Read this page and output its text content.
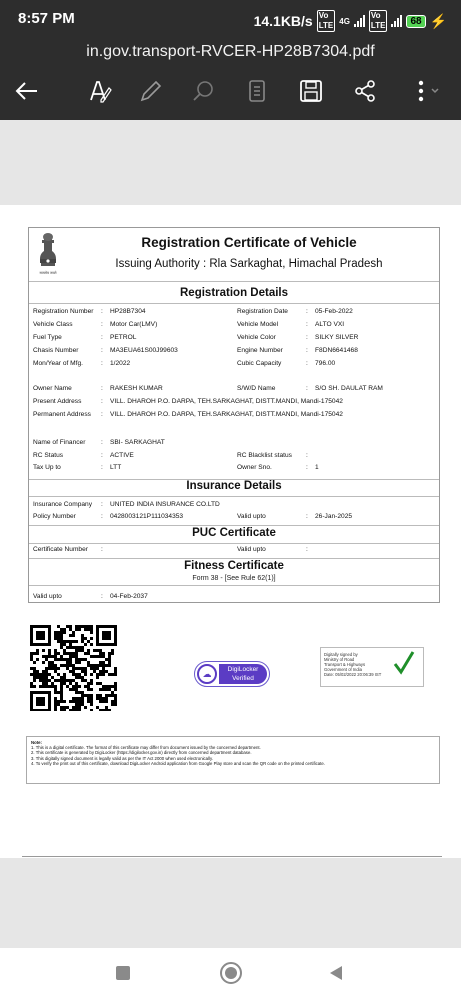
8:57 PM	14.1KB/s Vo
LTE 4G
Vo
LTE	68 ⚡
in.gov.transport-RVCER-HP28B7304.pdf
सत्यमेव जयते
Registration Certificate of Vehicle
Issuing Authority : Rla Sarkaghat, Himachal Pradesh
Registration Details
Registration Number : HP28B7304	Registration Date	: 05-Feb-2022
Vehicle Class	: Motor Car(LMV)	Vehicle Model	: ALTO VXI
Fuel Type	: PETROL	Vehicle Color	: SILKY SILVER
Chasis Number	: MA3EUA61S00J99603	Engine Number	: F8DN6641468
Mon/Year of Mfg.	: 1/2022	Cubic Capacity	: 796.00
Owner Name	: RAKESH KUMAR	S/W/D Name	: S/O SH. DAULAT RAM
Present Address	: VILL. DHAROH P.O. DARPA, TEH.SARKAGHAT, DISTT.MANDI, Mandi-175042
Permanent Address : VILL. DHAROH P.O. DARPA, TEH.SARKAGHAT, DISTT.MANDI, Mandi-175042
Name of Financer : SBI- SARKAGHAT
RC Status	: ACTIVE	RC Blacklist status :
Tax Up to	: LTT	Owner Sno.	: 1
Insurance Details
Insurance Company : UNITED INDIA INSURANCE CO.LTD
Policy Number	: 0428003121P111034353	Valid upto	: 26-Jan-2025
PUC Certificate
Certificate Number :	Valid upto	:
Fitness Certificate
Form 38 - [See Rule 62(1)]
Valid upto	: 04-Feb-2037
☁	DigiLocker
Verified
Digitally signed by
Ministry of Road
Transport & Highways
Government of India
Date: 05/02/2022 20:06:39 IST
Note:
1. This is a digital certificate. The format of this certificate may differ from document issued by the concerned department.
2. This certificate is generated by DigiLocker (https://digilocker.gov.in) directly from concerned department database.
3. This digitally signed document is legally valid as per the IT Act 2000 when used electronically.
4. To verify the print out of this certificate, download DigiLocker Android application from Google Play store and scan the QR code on the printed certificate.
